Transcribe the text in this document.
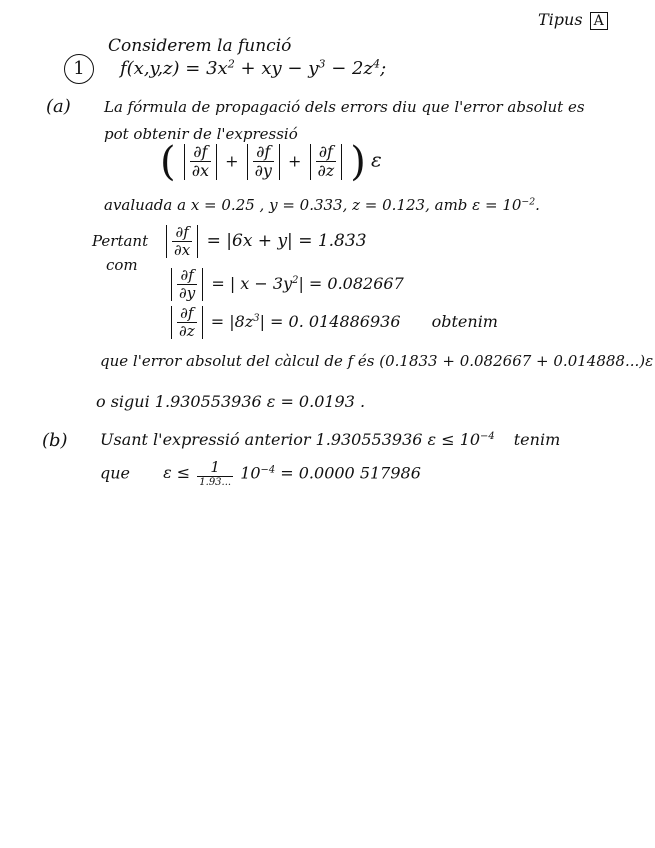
Tipus A
1
Considerem la funció
$f(x,y,z) = 3x^2$ + xy − $y^3 - 2z^4$;
(a) La fórmula de propagació dels errors diu que l'error absolut es
pot obtenir de l'expressió
( $\frac{\partial f}{\partial x} + \frac{\partial f}{\partial y} + \frac{\partial f}{\partial z}$ ) ε
avaluada a x = 0.25 , y = 0.333, z = 0.123, amb $\varepsilon = 10^{-2}$.
Pertant
com
$\frac{\partial f}{\partial x} = |6x + y| = 1.833$
$\frac{\partial f}{\partial y}$ = | $x - 3y^2| = 0.082667$
$\frac{\partial f}{\partial z} = |8z^3| = 0$. 014886936 obtenim
que l'error absolut del càlcul de f és (0.1833 + 0.082667 + 0.014888...)ε
o sigui 1.930553936 ε = 0.0193 .
(b) Usant l'expressió anterior 1.930553936 $\varepsilon \le 10^{-4}$ tenim
que $\varepsilon \le \frac{1}{1.93...} 10^{-4} = 0.0000$ 517986
